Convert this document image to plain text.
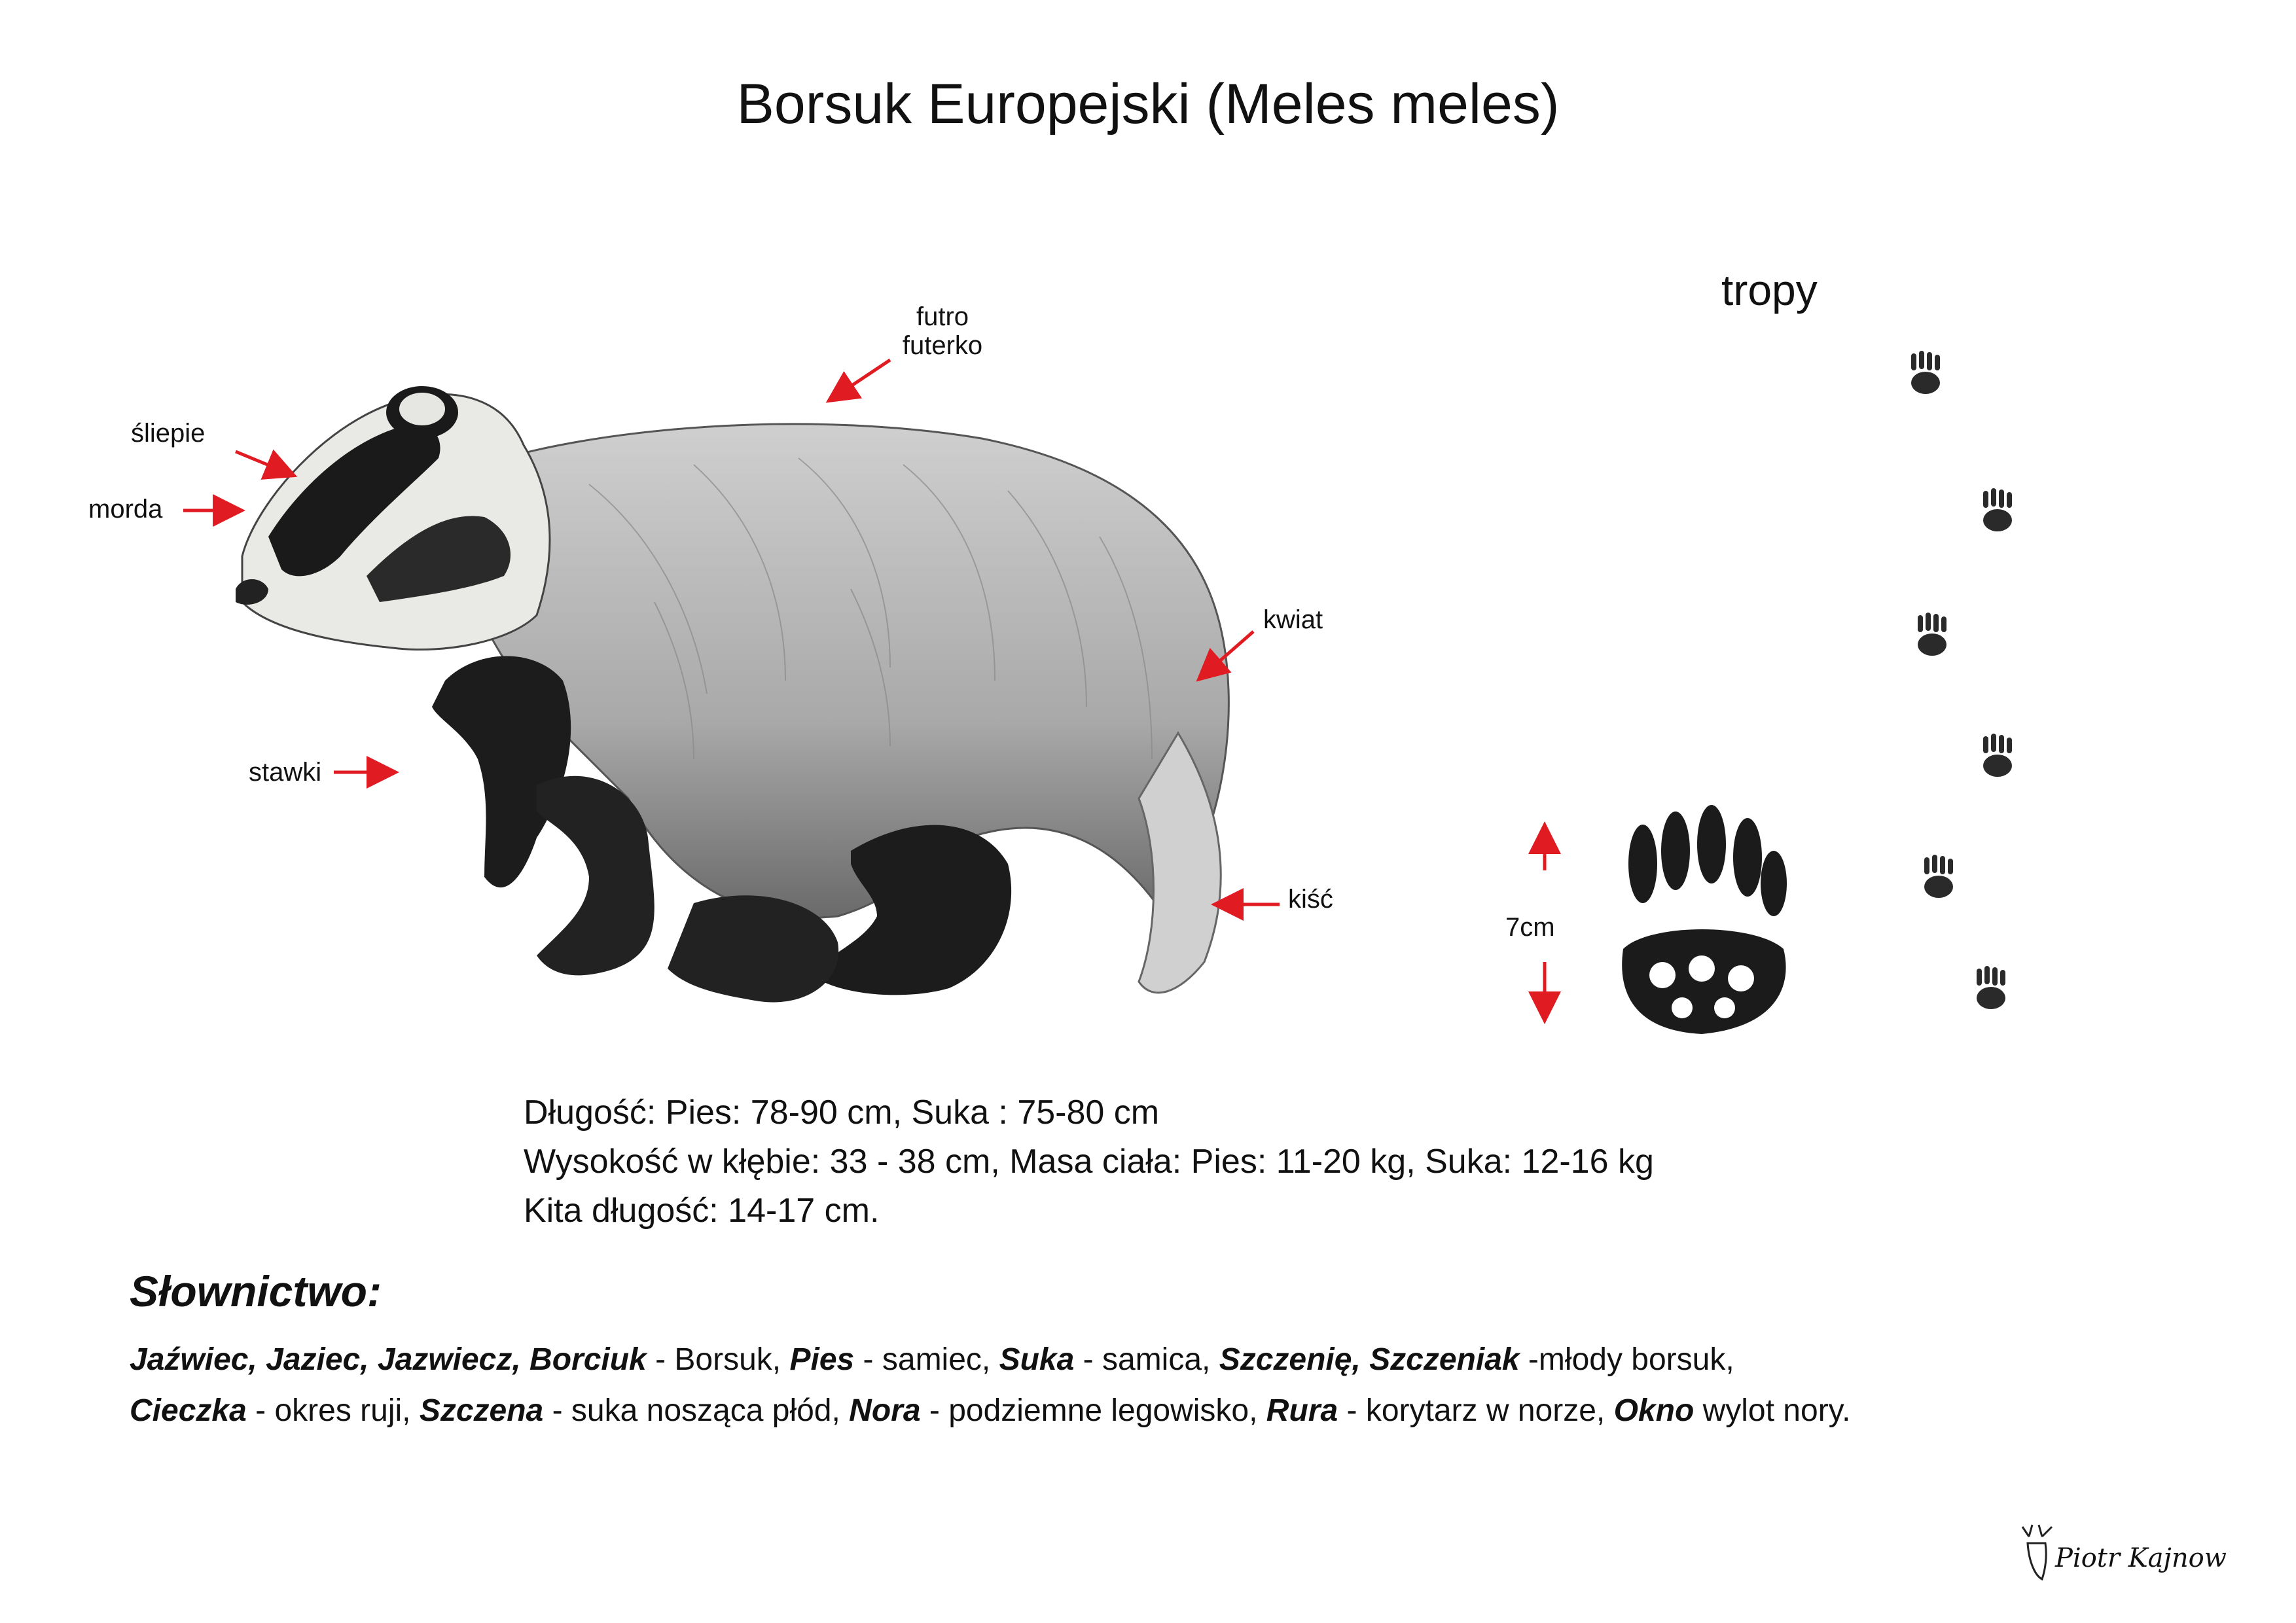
Borsuk Europejski (Meles meles)
futro
futerko
śliepie
morda
kwiat
stawki
kiść
tropy
7cm
Długość: Pies: 78-90 cm, Suka : 75-80 cm
Wysokość w kłębie: 33 - 38 cm, Masa ciała: Pies: 11-20 kg, Suka: 12-16 kg
Kita długość: 14-17 cm.
Słownictwo:
Jaźwiec, Jaziec, Jazwiecz, Borciuk - Borsuk, Pies - samiec, Suka - samica, Szczenię, Szczeniak -młody borsuk,
Cieczka - okres ruji, Szczena - suka nosząca płód, Nora - podziemne legowisko, Rura - korytarz w norze, Okno wylot nory.
Piotr Kajnow
